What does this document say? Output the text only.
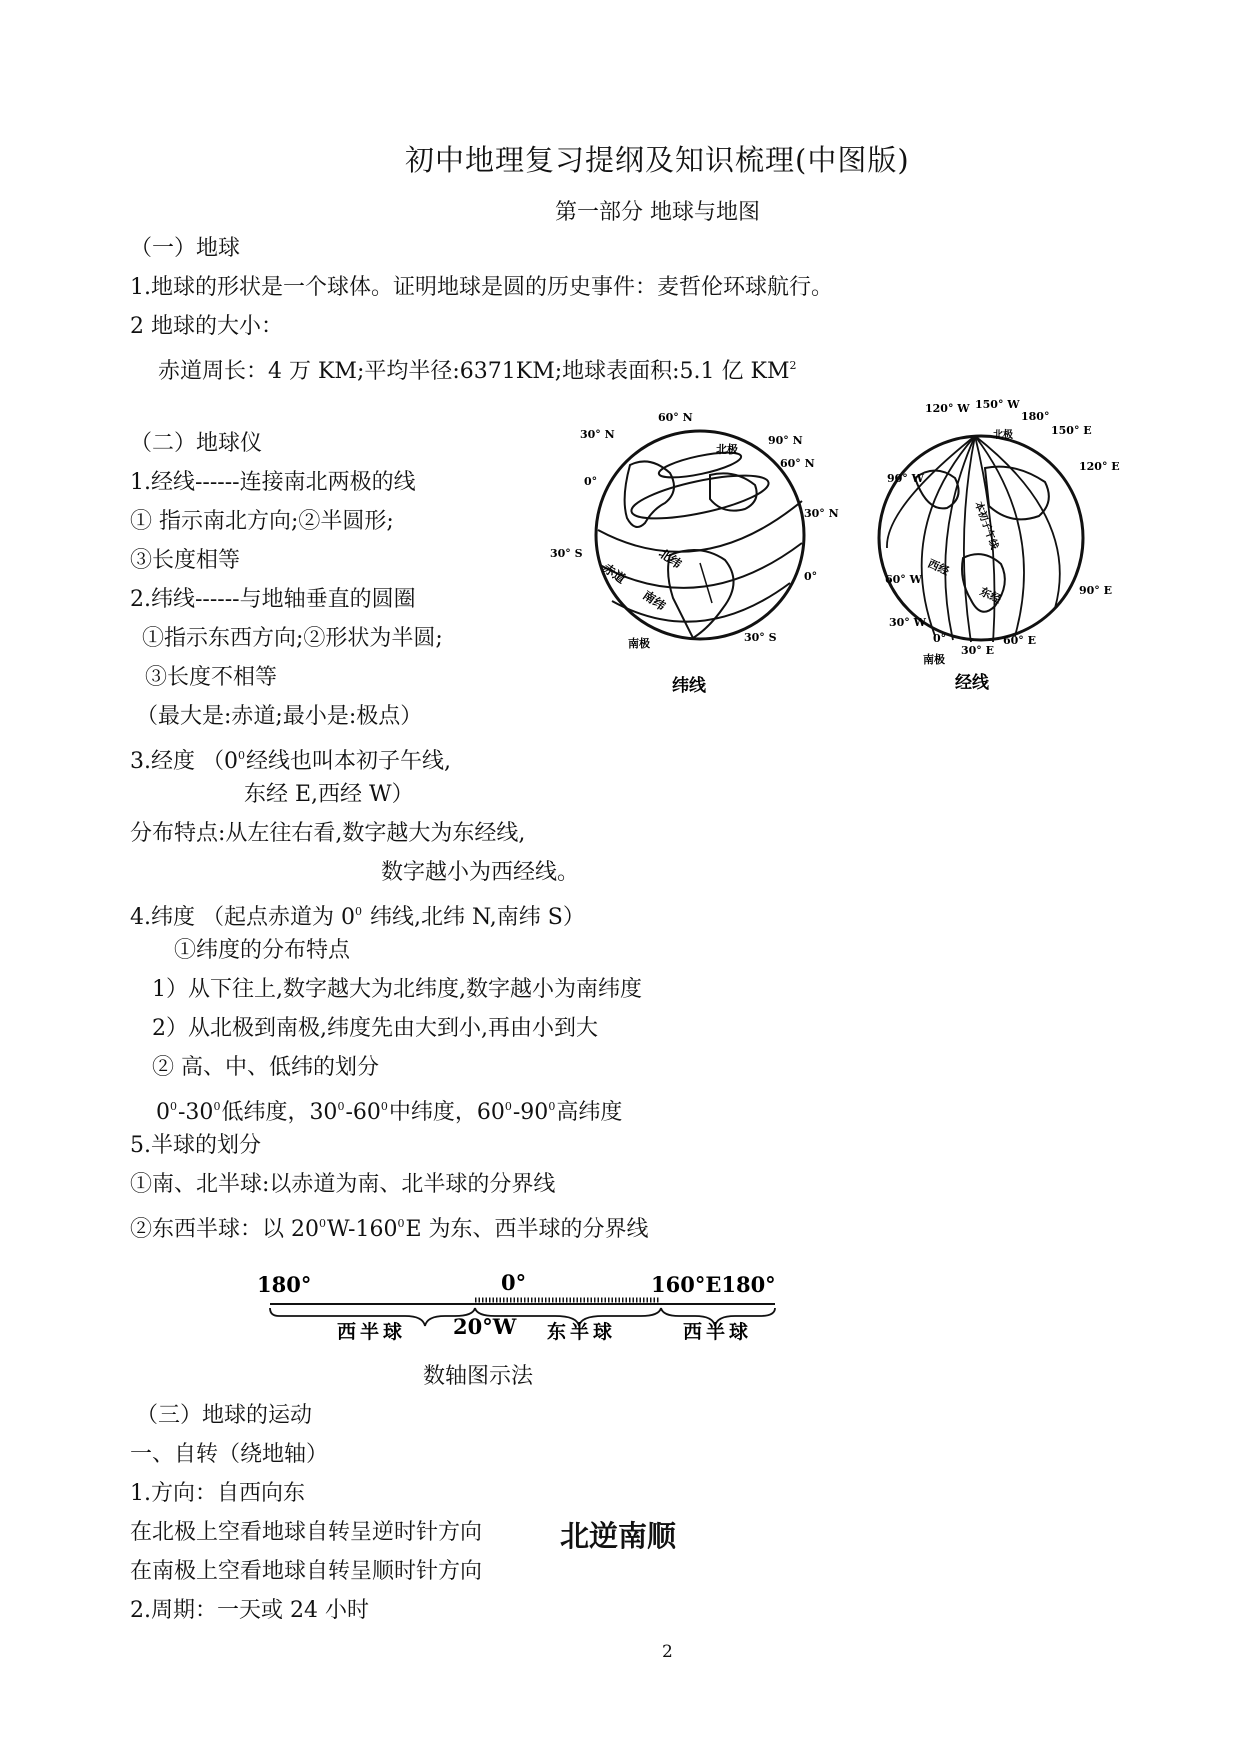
初中地理复习提纲及知识梳理(中图版)
第一部分 地球与地图
（一）地球
1.地球的形状是一个球体。证明地球是圆的历史事件：麦哲伦环球航行。
2 地球的大小：
赤道周长：4 万 KM;平均半径:6371KM;地球表面积:5.1 亿 $KM^2$
（二）地球仪
1.经线------连接南北两极的线
① 指示南北方向;②半圆形;
③长度相等
2.纬线------与地轴垂直的圆圈
①指示东西方向;②形状为半圆;
③长度不相等
（最大是:赤道;最小是:极点）
3.经度 （$0^0$经线也叫本初子午线,
东经 E,西经 W）
分布特点:从左往右看,数字越大为东经线,
数字越小为西经线。
4.纬度 （起点赤道为 $0^0$ 纬线,北纬 N,南纬 S）
①纬度的分布特点
1）从下往上,数字越大为北纬度,数字越小为南纬度
2）从北极到南极,纬度先由大到小,再由小到大
② 高、中、低纬的划分
$0^0-30^0$低纬度，$30^0-60^0$中纬度，$60^0-90^0$高纬度
5.半球的划分
①南、北半球:以赤道为南、北半球的分界线
②东西半球：以 $20^0W-160^0E$ 为东、西半球的分界线
60° N
30° N	90° N
北极
60° N
0°
30° N
30° S
0°
赤道
北纬
南纬
南极	30° S
纬线
120° W 150° W
180°
150° E
北极
120° E
90° W
90° E
60° W
本初子午线
西经
东经
30° W
0°
30° E
60° E
南极
经线
180°	0°	160°E180°
20°W
西半球	东半球	西半球
数轴图示法
（三）地球的运动
一、自转（绕地轴）
1.方向：自西向东
在北极上空看地球自转呈逆时针方向	北逆南顺
在南极上空看地球自转呈顺时针方向
2.周期：一天或 24 小时
2
